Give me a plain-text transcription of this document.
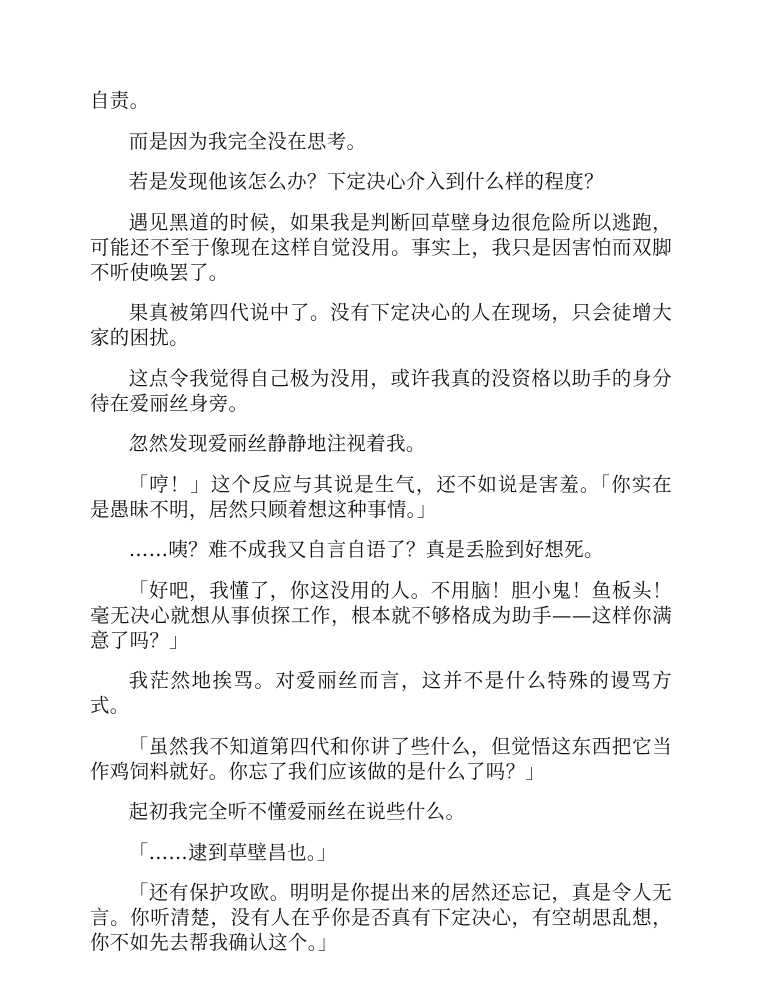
自责。

而是因为我完全没在思考。

若是发现他该怎么办？下定决心介入到什么样的程度？

遇见黑道的时候，如果我是判断回草壁身边很危险所以逃跑，可能还不至于像现在这样自觉没用。事实上，我只是因害怕而双脚不听使唤罢了。

果真被第四代说中了。没有下定决心的人在现场，只会徒增大家的困扰。

这点令我觉得自己极为没用，或许我真的没资格以助手的身分待在爱丽丝身旁。

忽然发现爱丽丝静静地注视着我。

「哼！」这个反应与其说是生气，还不如说是害羞。「你实在是愚昧不明，居然只顾着想这种事情。」

……咦？难不成我又自言自语了？真是丢脸到好想死。

「好吧，我懂了，你这没用的人。不用脑！胆小鬼！鱼板头！毫无决心就想从事侦探工作，根本就不够格成为助手——这样你满意了吗？」

我茫然地挨骂。对爱丽丝而言，这并不是什么特殊的谩骂方式。

「虽然我不知道第四代和你讲了些什么，但觉悟这东西把它当作鸡饲料就好。你忘了我们应该做的是什么了吗？」

起初我完全听不懂爱丽丝在说些什么。

「……逮到草壁昌也。」

「还有保护攻欧。明明是你提出来的居然还忘记，真是令人无言。你听清楚，没有人在乎你是否真有下定决心，有空胡思乱想，你不如先去帮我确认这个。」
